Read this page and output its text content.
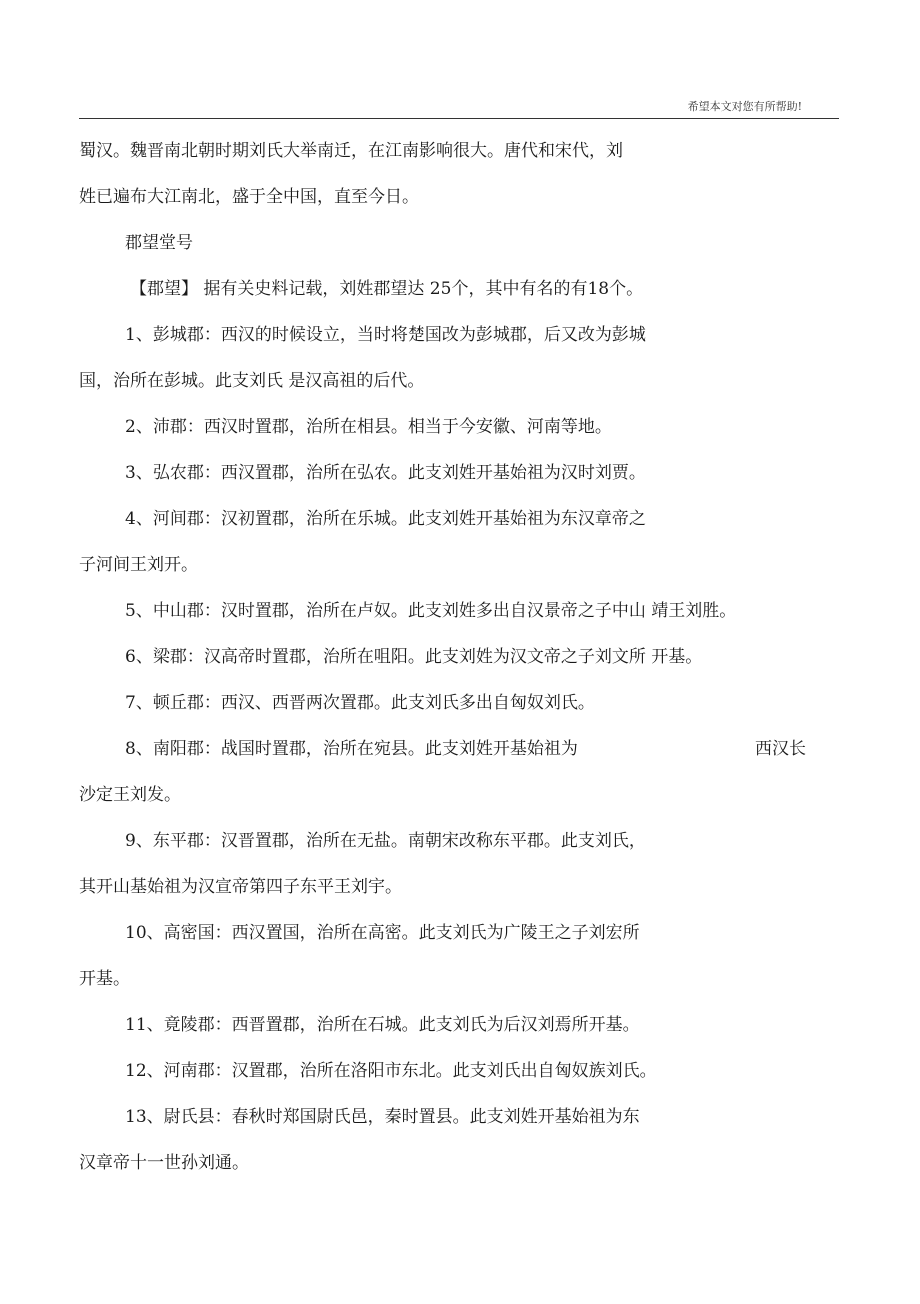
希望本文对您有所帮助!
蜀汉。魏晋南北朝时期刘氏大举南迁，在江南影响很大。唐代和宋代，刘
姓已遍布大江南北，盛于全中国，直至今日。
郡望堂号
【郡望】 据有关史料记载，刘姓郡望达 25个，其中有名的有18个。
1、彭城郡：西汉的时候设立，当时将楚国改为彭城郡，后又改为彭城
国，治所在彭城。此支刘氏 是汉高祖的后代。
2、沛郡：西汉时置郡，治所在相县。相当于今安徽、河南等地。
3、弘农郡：西汉置郡，治所在弘农。此支刘姓开基始祖为汉时刘贾。
4、河间郡：汉初置郡，治所在乐城。此支刘姓开基始祖为东汉章帝之
子河间王刘开。
5、中山郡：汉时置郡，治所在卢奴。此支刘姓多出自汉景帝之子中山 靖王刘胜。
6、梁郡：汉高帝时置郡，治所在咀阳。此支刘姓为汉文帝之子刘文所 开基。
7、顿丘郡：西汉、西晋两次置郡。此支刘氏多出自匈奴刘氏。
8、南阳郡：战国时置郡，治所在宛县。此支刘姓开基始祖为	西汉长
沙定王刘发。
9、东平郡：汉晋置郡，治所在无盐。南朝宋改称东平郡。此支刘氏，
其开山基始祖为汉宣帝第四子东平王刘宇。
10、高密国：西汉置国，治所在高密。此支刘氏为广陵王之子刘宏所
开基。
11、竟陵郡：西晋置郡，治所在石城。此支刘氏为后汉刘焉所开基。
12、河南郡：汉置郡，治所在洛阳市东北。此支刘氏出自匈奴族刘氏。
13、尉氏县：春秋时郑国尉氏邑，秦时置县。此支刘姓开基始祖为东
汉章帝十一世孙刘通。
